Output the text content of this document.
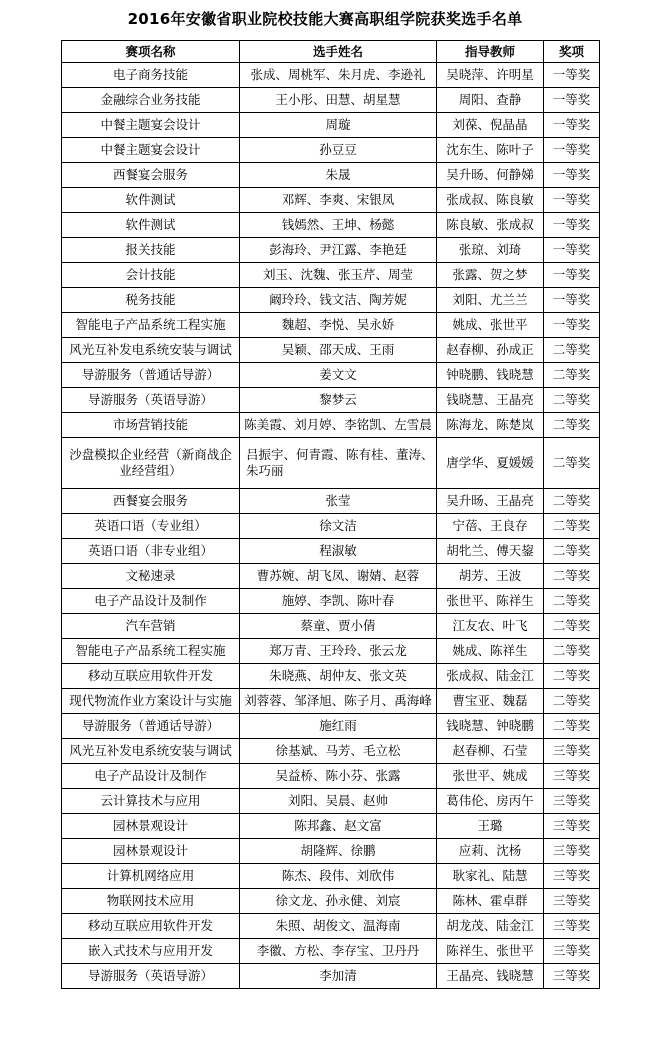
2016年安徽省职业院校技能大赛高职组学院获奖选手名单
赛项名称	选手姓名	指导教师	奖项
电子商务技能	张成、周桃军、朱月虎、李逊礼	吴晓萍、许明星	一等奖
金融综合业务技能	王小彤、田慧、胡星慧	周阳、查静	一等奖
中餐主题宴会设计	周璇	刘葆、倪晶晶	一等奖
中餐主题宴会设计	孙豆豆	沈东生、陈叶子	一等奖
西餐宴会服务	朱晟	吴升旸、何静娣	一等奖
软件测试	邓辉、李爽、宋银凤	张成叔、陈良敏	一等奖
软件测试	钱嫣然、王坤、杨懿	陈良敏、张成叔	一等奖
报关技能	彭海玲、尹江露、李艳廷	张琼、刘琦	一等奖
会计技能	刘玉、沈魏、张玉芹、周莹	张露、贺之梦	一等奖
税务技能	阚玲玲、钱文洁、陶芳妮	刘阳、尤兰兰	一等奖
智能电子产品系统工程实施	魏超、李悦、吴永娇	姚成、张世平	一等奖
风光互补发电系统安装与调试	吴颖、邵天成、王雨	赵春柳、孙成正	二等奖
导游服务（普通话导游）	姜文文	钟晓鹏、钱晓慧	二等奖
导游服务（英语导游）	黎梦云	钱晓慧、王晶亮	二等奖
市场营销技能	陈美霞、刘月婷、李铭凯、左雪晨	陈海龙、陈楚岚	二等奖
沙盘模拟企业经营（新商战企业经营组）	吕振宇、何青霞、陈有桂、董涛、朱巧丽	唐学华、夏媛媛	二等奖
西餐宴会服务	张莹	吴升旸、王晶亮	二等奖
英语口语（专业组）	徐文洁	宁蓓、王良存	二等奖
英语口语（非专业组）	程淑敏	胡牝兰、傅天鋆	二等奖
文秘速录	曹苏婉、胡飞凤、谢婧、赵蓉	胡芳、王波	二等奖
电子产品设计及制作	施婷、李凯、陈叶春	张世平、陈祥生	二等奖
汽车营销	蔡童、贾小倩	江友农、叶飞	二等奖
智能电子产品系统工程实施	郑万青、王玲玲、张云龙	姚成、陈祥生	二等奖
移动互联应用软件开发	朱晓燕、胡仲友、张文英	张成叔、陆金江	二等奖
现代物流作业方案设计与实施	刘蓉蓉、邹泽旭、陈子月、禹海峰	曹宝亚、魏磊	二等奖
导游服务（普通话导游）	施红雨	钱晓慧、钟晓鹏	二等奖
风光互补发电系统安装与调试	徐基斌、马芳、毛立松	赵春柳、石莹	三等奖
电子产品设计及制作	吴益桥、陈小芬、张露	张世平、姚成	三等奖
云计算技术与应用	刘阳、吴晨、赵帅	葛伟伦、房丙午	三等奖
园林景观设计	陈邦鑫、赵文富	王璐	三等奖
园林景观设计	胡隆辉、徐鹏	应莉、沈杨	三等奖
计算机网络应用	陈杰、段伟、刘欣伟	耿家礼、陆慧	三等奖
物联网技术应用	徐文龙、孙永健、刘宸	陈林、霍卓群	三等奖
移动互联应用软件开发	朱照、胡俊文、温海南	胡龙茂、陆金江	三等奖
嵌入式技术与应用开发	李徽、方松、李存宝、卫丹丹	陈祥生、张世平	三等奖
导游服务（英语导游）	李加清	王晶亮、钱晓慧	三等奖
